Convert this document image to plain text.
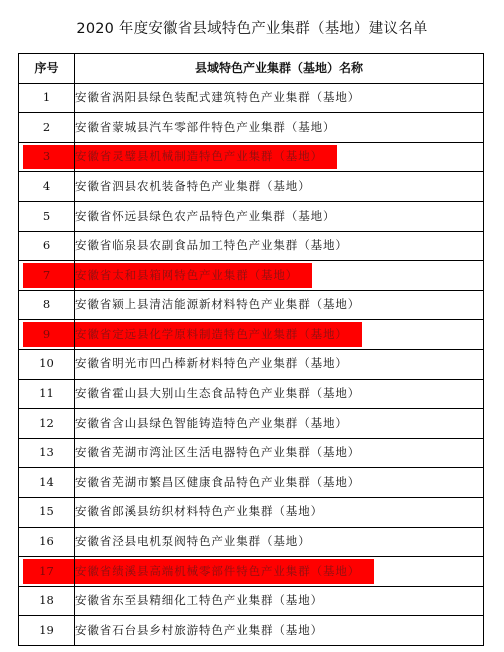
2020 年度安徽省县域特色产业集群（基地）建议名单
序号	县域特色产业集群（基地）名称
1	安徽省涡阳县绿色装配式建筑特色产业集群（基地）
2	安徽省蒙城县汽车零部件特色产业集群（基地）

3	安徽省灵璧县机械制造特色产业集群（基地）
4	安徽省泗县农机装备特色产业集群（基地）
5	安徽省怀远县绿色农产品特色产业集群（基地）
6	安徽省临泉县农副食品加工特色产业集群（基地）

7	安徽省太和县箱网特色产业集群（基地）
8	安徽省颍上县清洁能源新材料特色产业集群（基地）

9	安徽省定远县化学原料制造特色产业集群（基地）
10	安徽省明光市凹凸棒新材料特色产业集群（基地）
11	安徽省霍山县大别山生态食品特色产业集群（基地）
12	安徽省含山县绿色智能铸造特色产业集群（基地）
13	安徽省芜湖市湾沚区生活电器特色产业集群（基地）
14	安徽省芜湖市繁昌区健康食品特色产业集群（基地）
15	安徽省郎溪县纺织材料特色产业集群（基地）
16	安徽省泾县电机泵阀特色产业集群（基地）

17	安徽省绩溪县高端机械零部件特色产业集群（基地）
18	安徽省东至县精细化工特色产业集群（基地）
19	安徽省石台县乡村旅游特色产业集群（基地）
